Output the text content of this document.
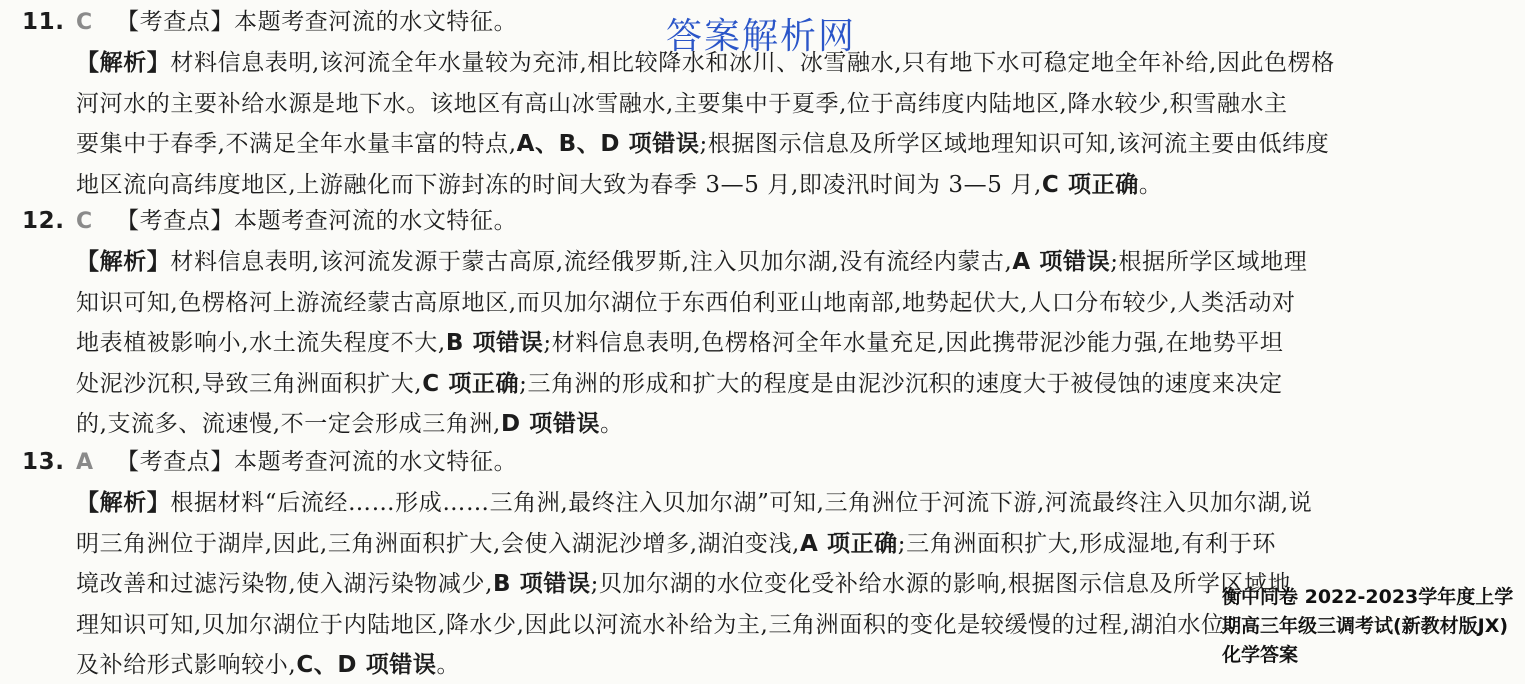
答案解析网
11. C 【考查点】本题考查河流的水文特征。
【解析】材料信息表明,该河流全年水量较为充沛,相比较降水和冰川、冰雪融水,只有地下水可稳定地全年补给,因此色楞格
河河水的主要补给水源是地下水。该地区有高山冰雪融水,主要集中于夏季,位于高纬度内陆地区,降水较少,积雪融水主
要集中于春季,不满足全年水量丰富的特点,A、B、D 项错误;根据图示信息及所学区域地理知识可知,该河流主要由低纬度
地区流向高纬度地区,上游融化而下游封冻的时间大致为春季 3—5 月,即凌汛时间为 3—5 月,C 项正确。
12. C 【考查点】本题考查河流的水文特征。
【解析】材料信息表明,该河流发源于蒙古高原,流经俄罗斯,注入贝加尔湖,没有流经内蒙古,A 项错误;根据所学区域地理
知识可知,色楞格河上游流经蒙古高原地区,而贝加尔湖位于东西伯利亚山地南部,地势起伏大,人口分布较少,人类活动对
地表植被影响小,水土流失程度不大,B 项错误;材料信息表明,色楞格河全年水量充足,因此携带泥沙能力强,在地势平坦
处泥沙沉积,导致三角洲面积扩大,C 项正确;三角洲的形成和扩大的程度是由泥沙沉积的速度大于被侵蚀的速度来决定
的,支流多、流速慢,不一定会形成三角洲,D 项错误。
13. A 【考查点】本题考查河流的水文特征。
【解析】根据材料“后流经……形成……三角洲,最终注入贝加尔湖”可知,三角洲位于河流下游,河流最终注入贝加尔湖,说
明三角洲位于湖岸,因此,三角洲面积扩大,会使入湖泥沙增多,湖泊变浅,A 项正确;三角洲面积扩大,形成湿地,有利于环
境改善和过滤污染物,使入湖污染物减少,B 项错误;贝加尔湖的水位变化受补给水源的影响,根据图示信息及所学区域地
理知识可知,贝加尔湖位于内陆地区,降水少,因此以河流水补给为主,三角洲面积的变化是较缓慢的过程,湖泊水位
及补给形式影响较小,C、D 项错误。
衡中同卷 2022-2023学年度上学期高三年级三调考试(新教材版JX)化学答案
